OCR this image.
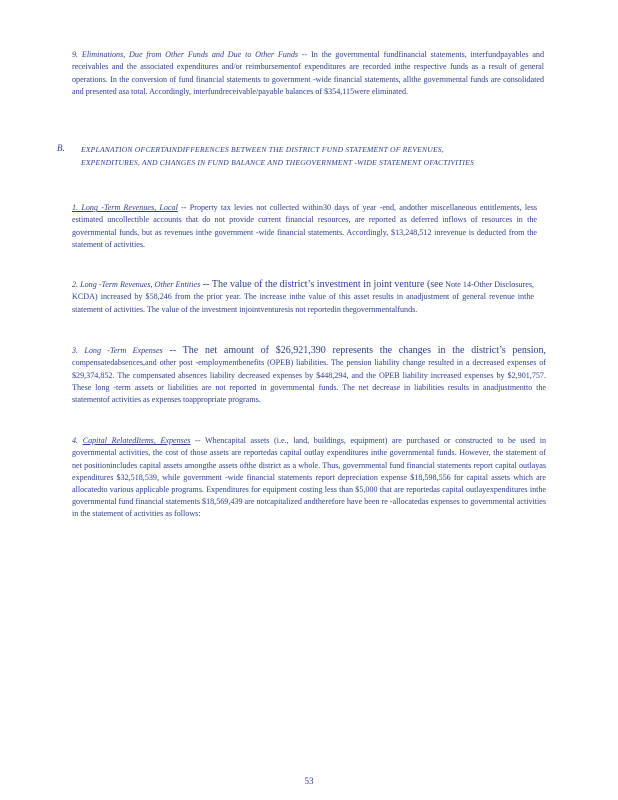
9. Eliminations, Due from Other Funds and Due to Other Funds -- In the governmental fundfinancial statements, interfundpayables and receivables and the associated expenditures and/or reimbursementof expenditures are recorded inthe respective funds as a result of general operations. In the conversion of fund financial statements to government -wide financial statements, allthe governmental funds are consolidated and presented asa total. Accordingly, interfundreceivable/payable balances of $354,115were eliminated.

B. EXPLANATION OFCERTAINDIFFERENCES BETWEEN THE DISTRICT FUND STATEMENT OF REVENUES, EXPENDITURES, AND CHANGES IN FUND BALANCE AND THEGOVERNMENT -WIDE STATEMENT OFACTIVITIES

1. Long -Term Revenues, Local -- Property tax levies not collected within30 days of year -end, andother miscellaneous entitlements, less estimated uncollectible accounts that do not provide current financial resources, are reported as deferred inflows of resources in the governmental funds, but as revenues inthe government -wide financial statements. Accordingly, $13,248,512 inrevenue is deducted from the statement of activities.

2. Long -Term Revenues, Other Entities -- The value of the district’s investment in joint venture (see Note 14-Other Disclosures, KCDA) increased by $58,246 from the prior year. The increase inthe value of this asset results in anadjustment of general revenue inthe statement of activities. The value of the investment injointventuresis not reportedin thegovernmentalfunds.

3. Long -Term Expenses -- The net amount of $26,921,390 represents the changes in the district’s pension, compensatedabsences,and other post -employmentbenefits (OPEB) liabilities. The pension liability change resulted in a decreased expenses of $29,374,852. The compensated absences liability decreased expenses by $448,294, and the OPEB liability increased expenses by $2,901,757. These long -term assets or liabilities are not reported in governmental funds. The net decrease in liabilities results in anadjustmentto the statementof activities as expenses toappropriate programs.

4. Capital RelatedItems, Expenses -- Whencapital assets (i.e., land, buildings, equipment) are purchased or constructed to be used in governmental activities, the cost of those assets are reportedas capital outlay expenditures inthe governmental funds. However, the statement of net positionincludes capital assets amongthe assets ofthe district as a whole. Thus, governmental fund financial statements report capital outlayas expenditures $32,518,539, while government -wide financial statements report depreciation expense $18,598,556 for capital assets which are allocatedto various applicable programs. Expenditures for equipment costing less than $5,000 that are reportedas capital outlayexpenditures inthe governmental fund financial statements $18,569,439 are notcapitalized andtherefore have been re -allocatedas expenses to governmental activities in the statement of activities as follows:

53
